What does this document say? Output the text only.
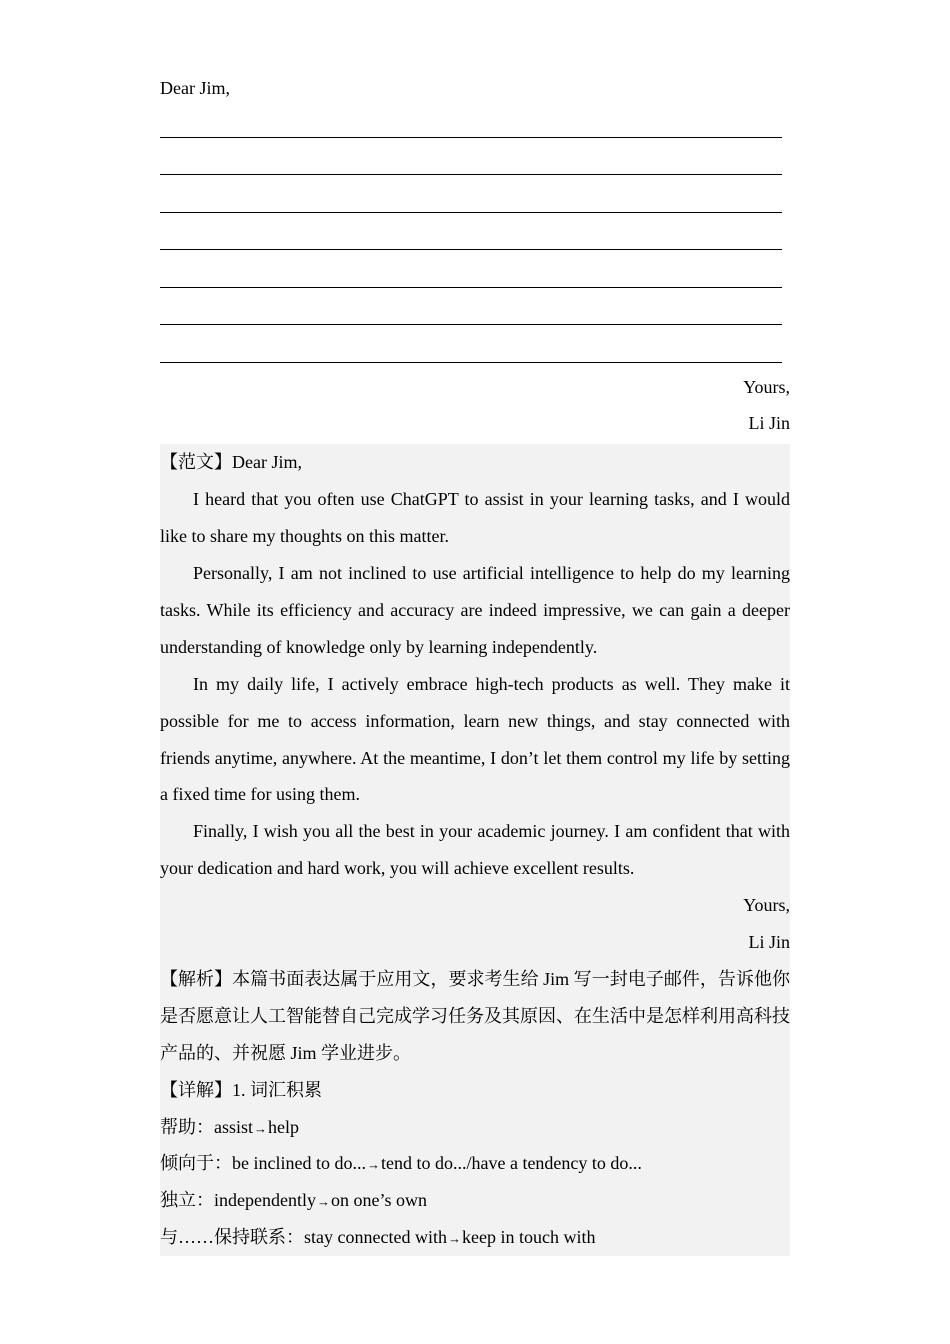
Dear Jim,
Yours,
Li Jin
【范文】Dear Jim,
I heard that you often use ChatGPT to assist in your learning tasks, and I would like to share my thoughts on this matter.
Personally, I am not inclined to use artificial intelligence to help do my learning tasks. While its efficiency and accuracy are indeed impressive, we can gain a deeper understanding of knowledge only by learning independently.
In my daily life, I actively embrace high-tech products as well. They make it possible for me to access information, learn new things, and stay connected with friends anytime, anywhere. At the meantime, I don’t let them control my life by setting a fixed time for using them.
Finally, I wish you all the best in your academic journey. I am confident that with your dedication and hard work, you will achieve excellent results.
Yours,
Li Jin
【解析】本篇书面表达属于应用文，要求考生给 Jim 写一封电子邮件，告诉他你是否愿意让人工智能替自己完成学习任务及其原因、在生活中是怎样利用高科技产品的、并祝愿 Jim 学业进步。
【详解】1. 词汇积累
帮助：assist→help
倾向于：be inclined to do...→tend to do.../have a tendency to do...
独立：independently→on one’s own
与……保持联系：stay connected with→keep in touch with
